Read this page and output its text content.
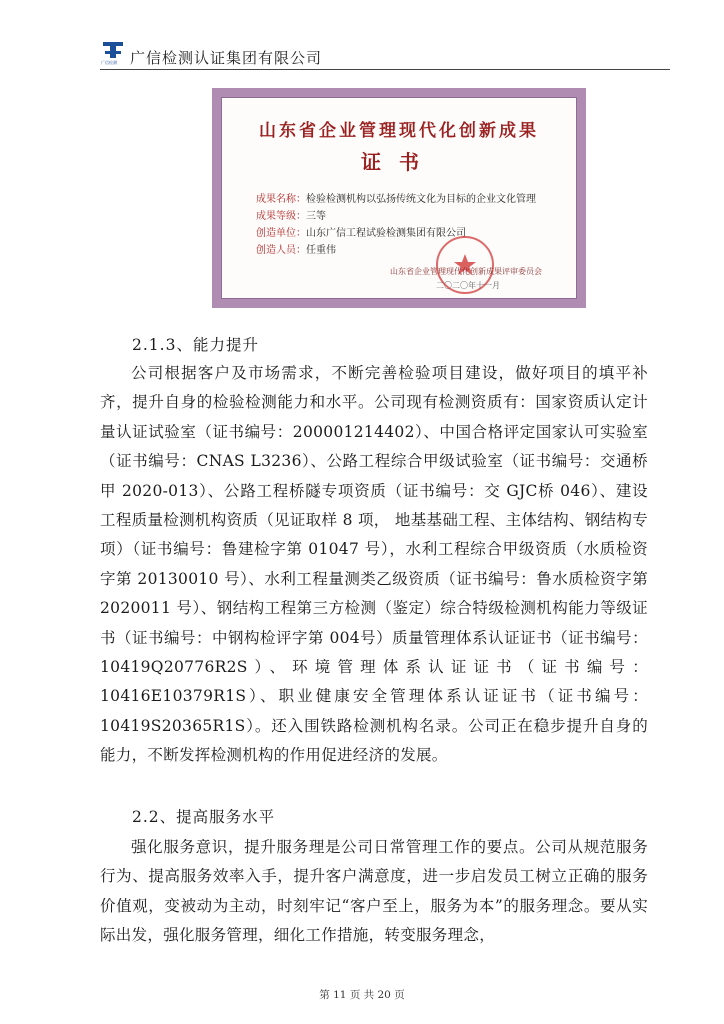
广信检测 广信检测认证集团有限公司
山东省企业管理现代化创新成果
证书
成果名称：检验检测机构以弘扬传统文化为目标的企业文化管理
成果等级：三等
创造单位：山东广信工程试验检测集团有限公司
创造人员：任重伟
山东省企业管理现代化创新成果评审委员会
二〇二〇年十一月
2.1.3、能力提升

公司根据客户及市场需求，不断完善检验项目建设，做好项目的填平补齐，提升自身的检验检测能力和水平。公司现有检测资质有：国家资质认定计量认证试验室（证书编号：200001214402）、中国合格评定国家认可实验室（证书编号：CNAS L3236）、公路工程综合甲级试验室（证书编号：交通桥甲 2020-013）、公路工程桥隧专项资质（证书编号：交 GJC桥 046）、建设工程质量检测机构资质（见证取样 8 项， 地基基础工程、主体结构、钢结构专项）（证书编号：鲁建检字第 01047 号），水利工程综合甲级资质（水质检资字第 20130010 号）、水利工程量测类乙级资质（证书编号：鲁水质检资字第 2020011 号）、钢结构工程第三方检测（鉴定）综合特级检测机构能力等级证书（证书编号：中钢构检评字第 004号）质量管理体系认证证书（证书编号：10419Q20776R2S）、环境管理体系认证证书（证书编号：10416E10379R1S）、职业健康安全管理体系认证证书（证书编号：10419S20365R1S）。还入围铁路检测机构名录。公司正在稳步提升自身的能力，不断发挥检测机构的作用促进经济的发展。

2.2、提高服务水平

强化服务意识，提升服务理是公司日常管理工作的要点。公司从规范服务行为、提高服务效率入手，提升客户满意度，进一步启发员工树立正确的服务价值观，变被动为主动，时刻牢记“客户至上，服务为本”的服务理念。要从实际出发，强化服务管理，细化工作措施，转变服务理念，

第 11 页 共 20 页
